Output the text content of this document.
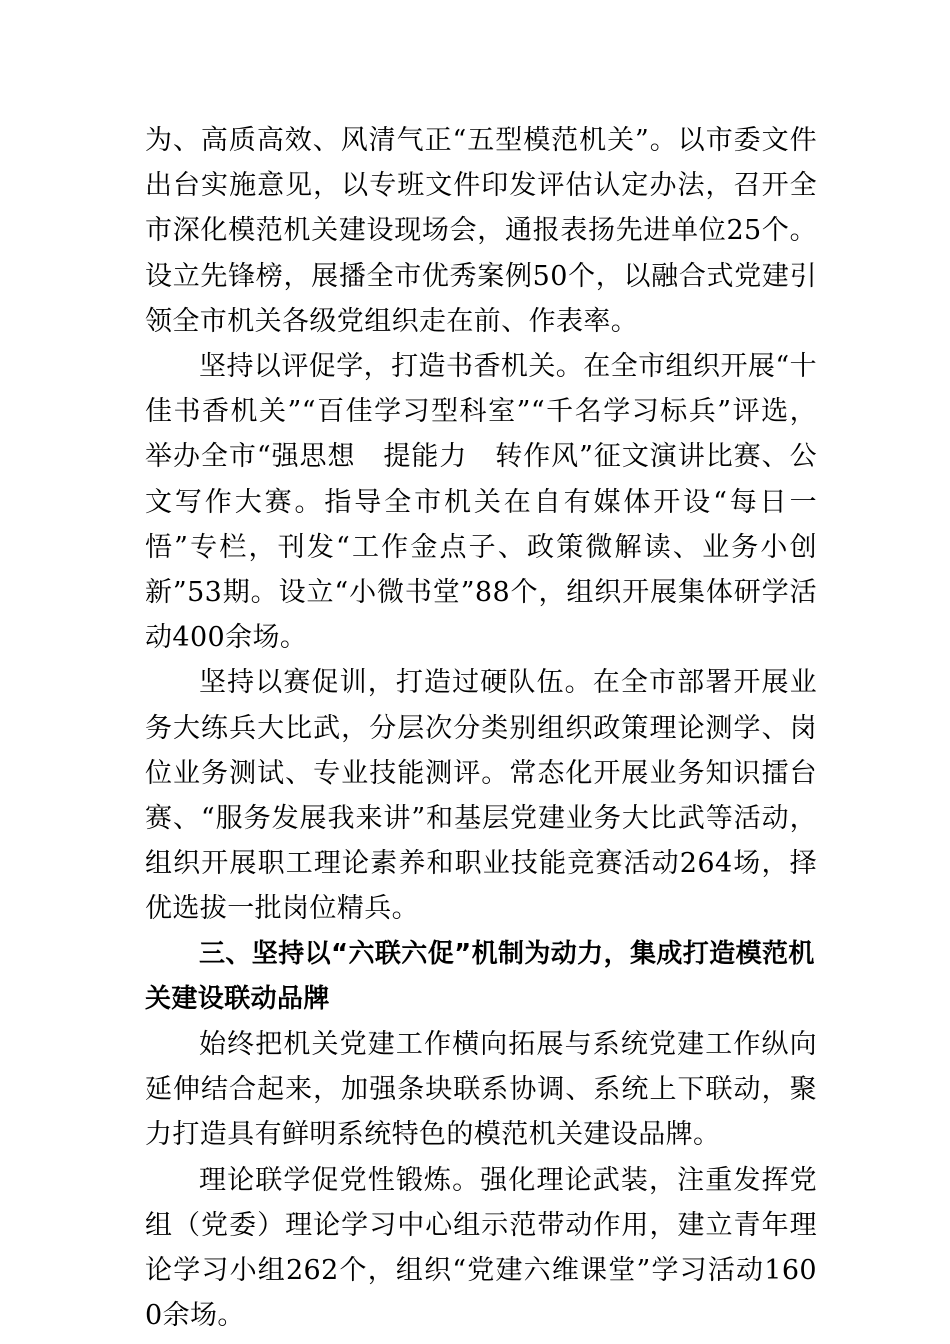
为、高质高效、风清气正“五型模范机关”。以市委文件出台实施意见，以专班文件印发评估认定办法，召开全市深化模范机关建设现场会，通报表扬先进单位25个。设立先锋榜，展播全市优秀案例50个，以融合式党建引领全市机关各级党组织走在前、作表率。

坚持以评促学，打造书香机关。在全市组织开展“十佳书香机关”“百佳学习型科室”“千名学习标兵”评选，举办全市“强思想　提能力　转作风”征文演讲比赛、公文写作大赛。指导全市机关在自有媒体开设“每日一悟”专栏，刊发“工作金点子、政策微解读、业务小创新”53期。设立“小微书堂”88个，组织开展集体研学活动400余场。

坚持以赛促训，打造过硬队伍。在全市部署开展业务大练兵大比武，分层次分类别组织政策理论测学、岗位业务测试、专业技能测评。常态化开展业务知识擂台赛、“服务发展我来讲”和基层党建业务大比武等活动，组织开展职工理论素养和职业技能竞赛活动264场，择优选拔一批岗位精兵。

三、坚持以“六联六促”机制为动力，集成打造模范机关建设联动品牌

始终把机关党建工作横向拓展与系统党建工作纵向延伸结合起来，加强条块联系协调、系统上下联动，聚力打造具有鲜明系统特色的模范机关建设品牌。

理论联学促党性锻炼。强化理论武装，注重发挥党组（党委）理论学习中心组示范带动作用，建立青年理论学习小组262个，组织“党建六维课堂”学习活动1600余场。
